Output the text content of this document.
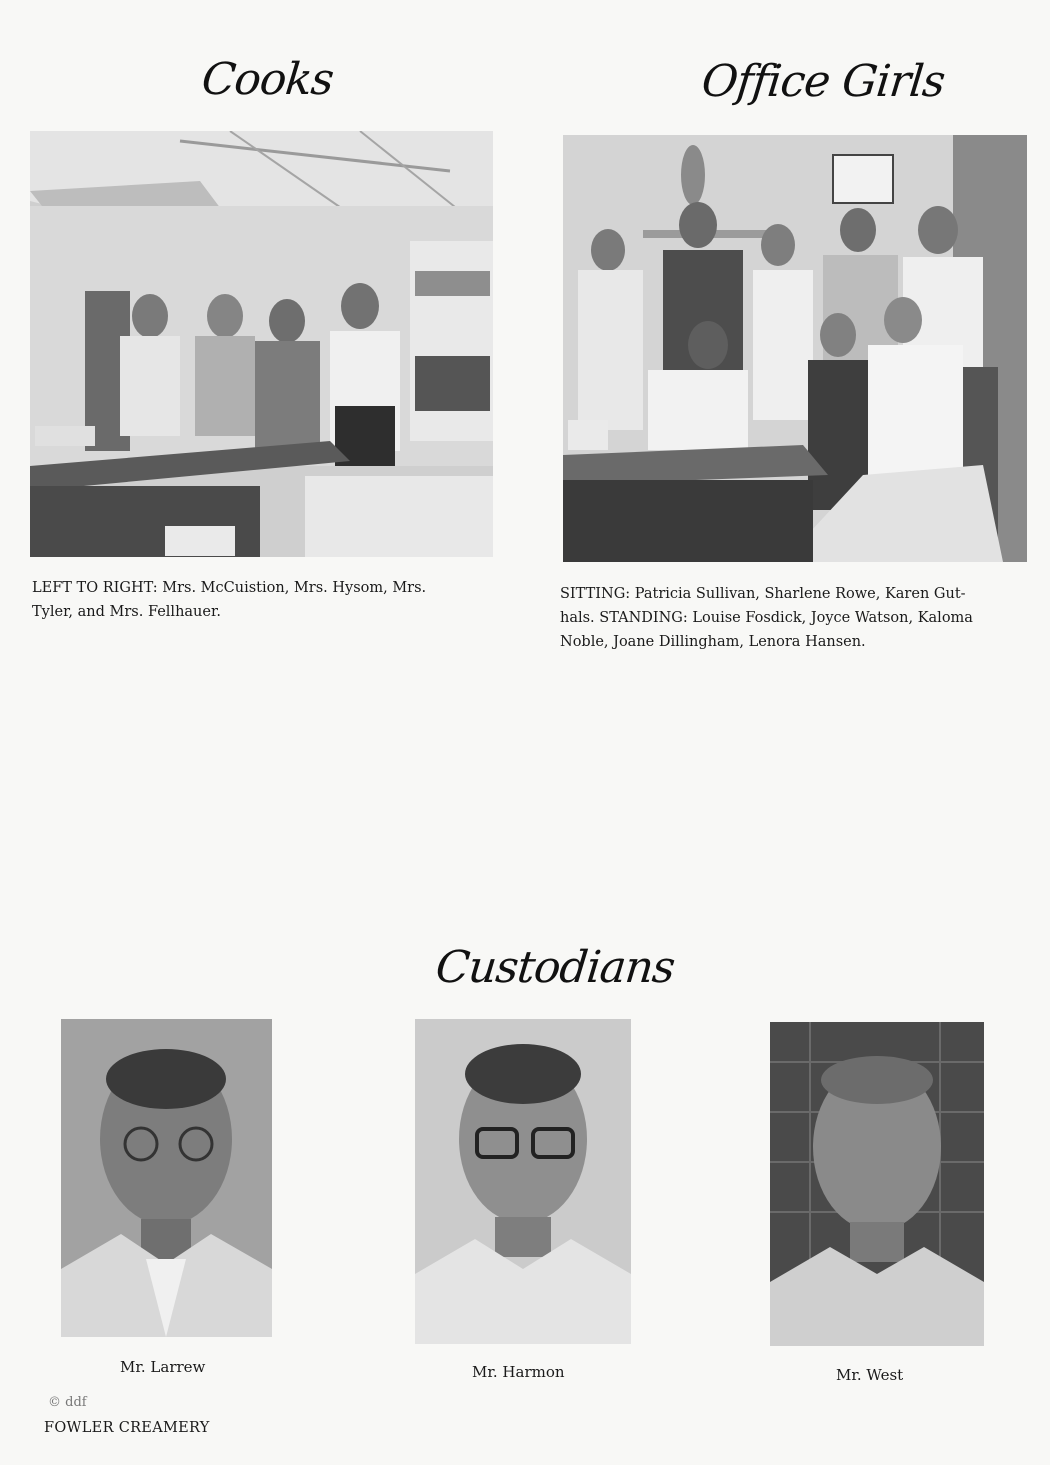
Cooks
LEFT TO RIGHT: Mrs. McCuistion, Mrs. Hysom, Mrs.
Tyler, and Mrs. Fellhauer.
Office Girls
SITTING: Patricia Sullivan, Sharlene Rowe, Karen Gut-
hals. STANDING: Louise Fosdick, Joyce Watson, Kaloma
Noble, Joane Dillingham, Lenora Hansen.
Custodians
Mr. Larrew	Mr. Harmon	Mr. West
© ddf
FOWLER CREAMERY
